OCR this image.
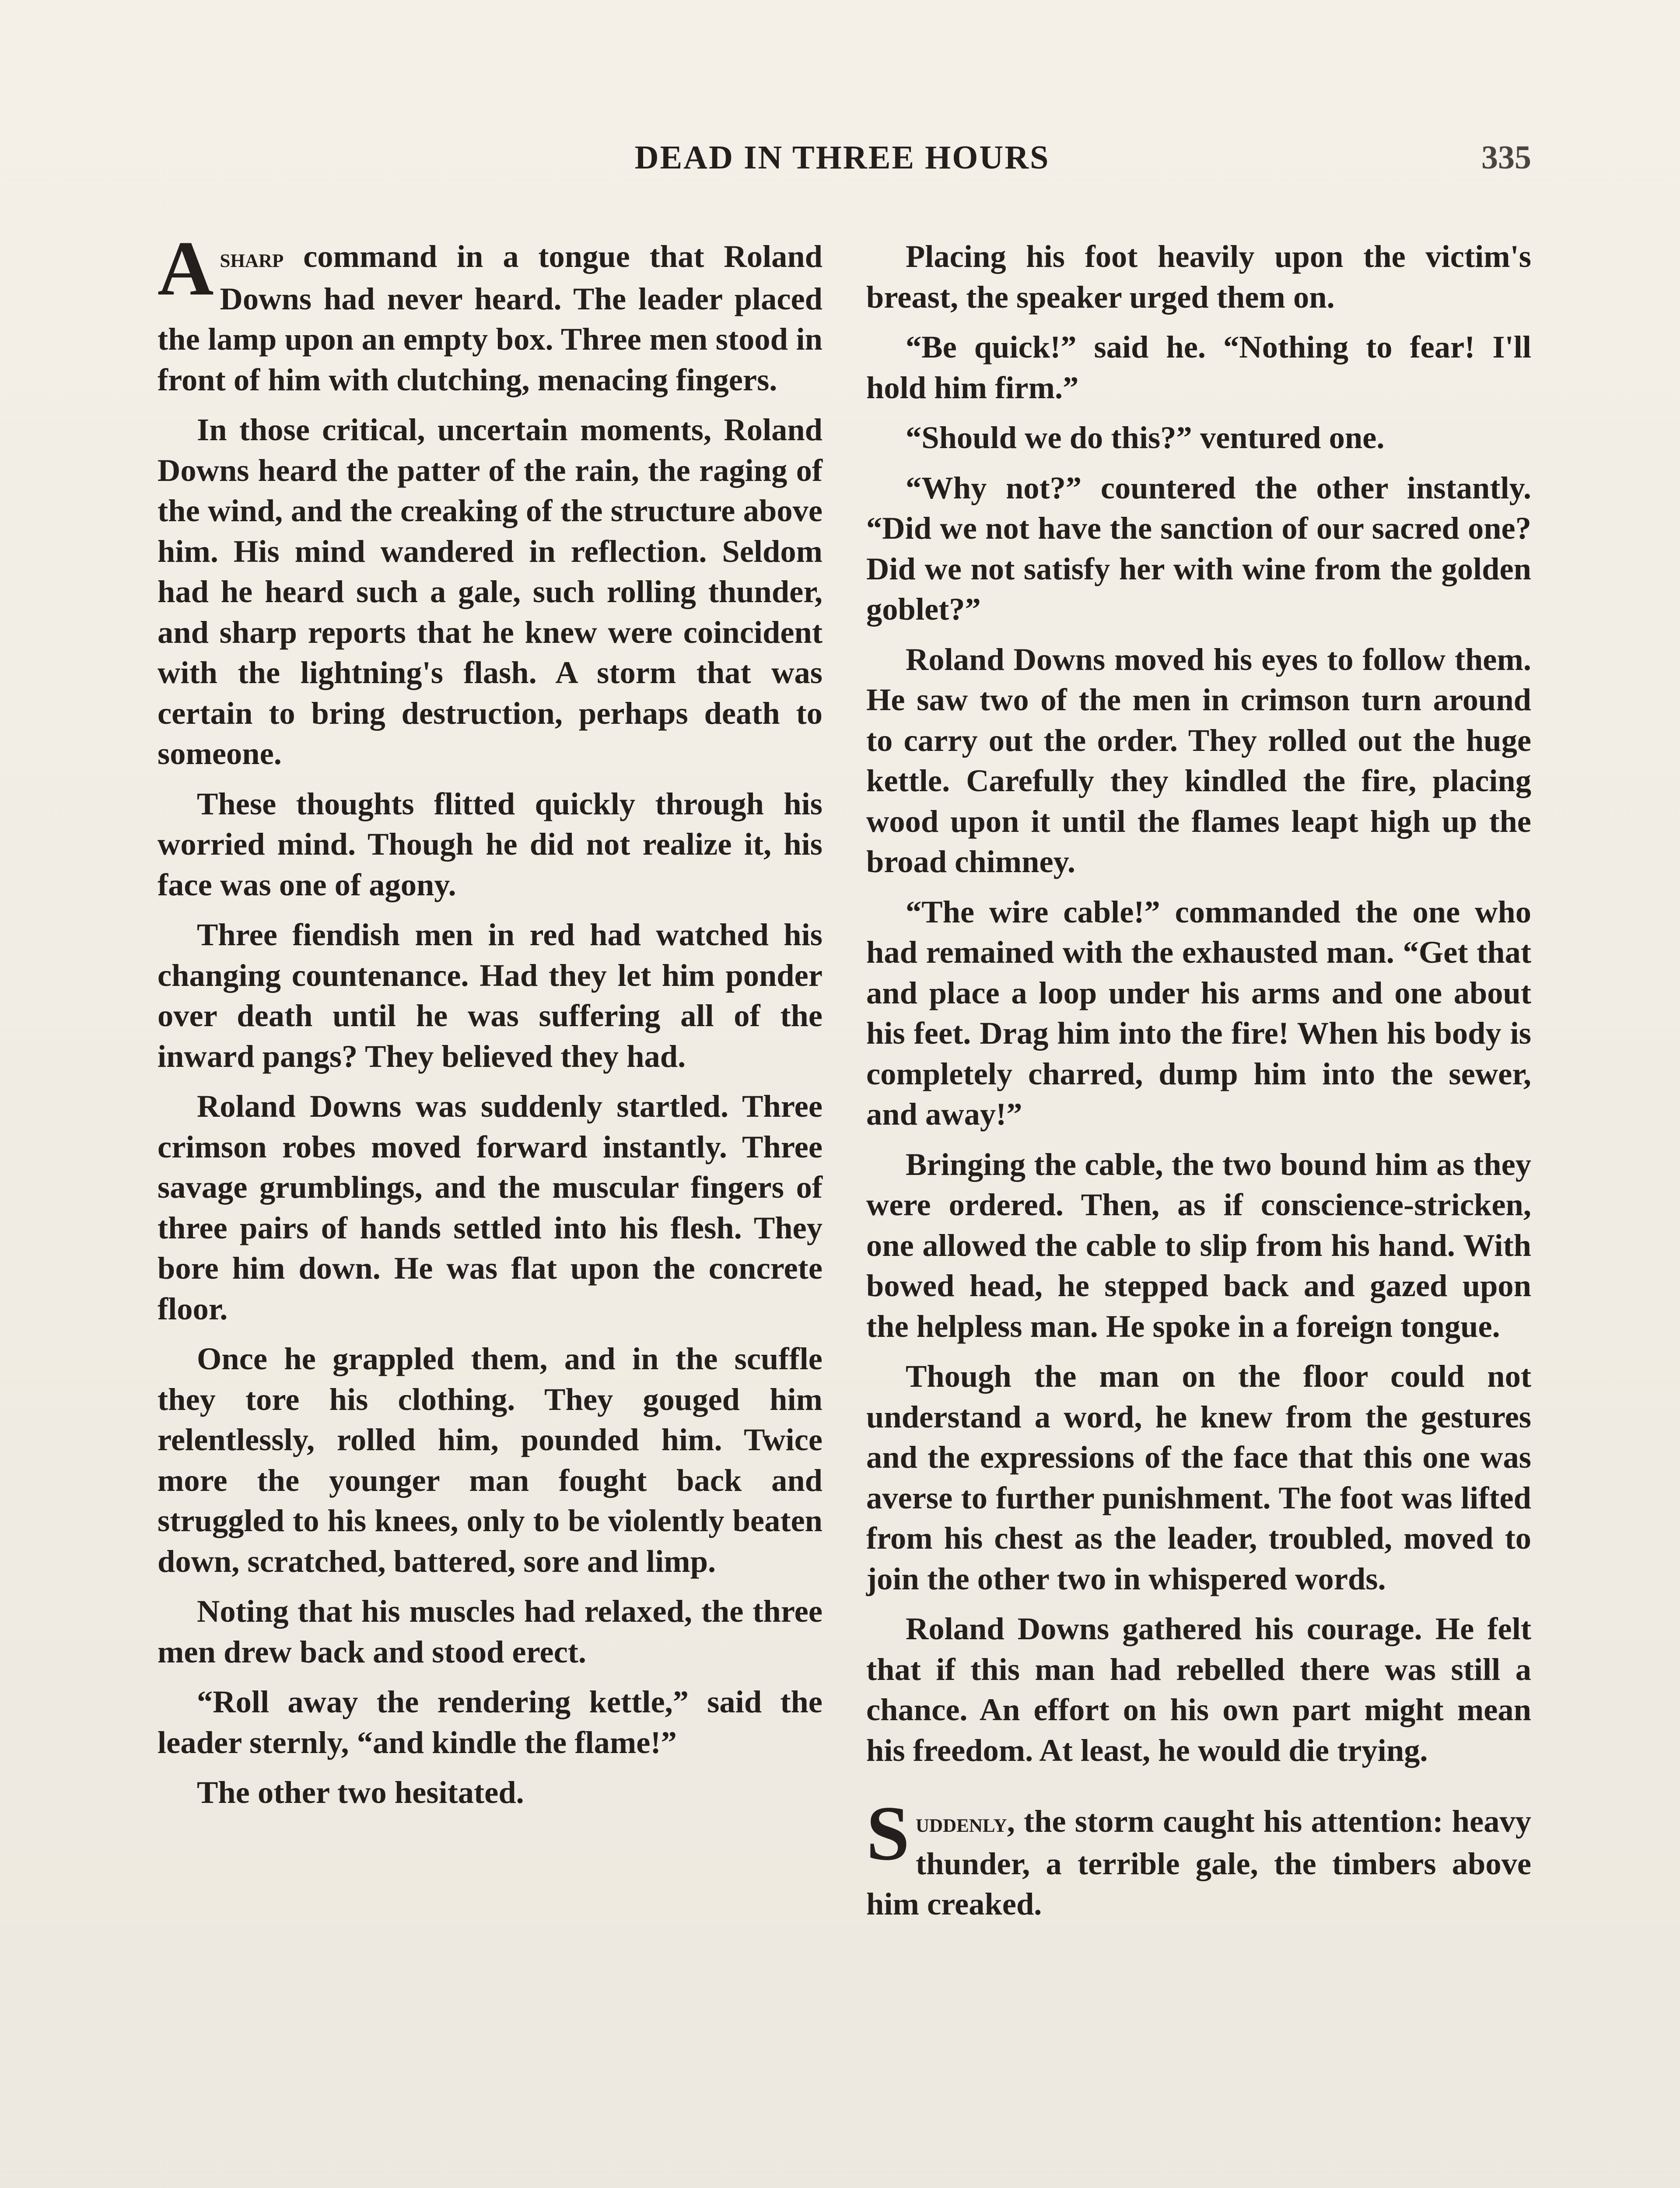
DEAD IN THREE HOURS	335

Asharp command in a tongue that Roland Downs had never heard. The leader placed the lamp upon an empty box. Three men stood in front of him with clutching, menacing fingers.

In those critical, uncertain moments, Roland Downs heard the patter of the rain, the raging of the wind, and the creaking of the structure above him. His mind wandered in reflection. Seldom had he heard such a gale, such rolling thunder, and sharp reports that he knew were coincident with the lightning's flash. A storm that was certain to bring destruction, perhaps death to someone.

These thoughts flitted quickly through his worried mind. Though he did not realize it, his face was one of agony.

Three fiendish men in red had watched his changing countenance. Had they let him ponder over death until he was suffering all of the inward pangs? They believed they had.

Roland Downs was suddenly startled. Three crimson robes moved forward instantly. Three savage grumblings, and the muscular fingers of three pairs of hands settled into his flesh. They bore him down. He was flat upon the concrete floor.

Once he grappled them, and in the scuffle they tore his clothing. They gouged him relentlessly, rolled him, pounded him. Twice more the younger man fought back and struggled to his knees, only to be violently beaten down, scratched, battered, sore and limp.

Noting that his muscles had relaxed, the three men drew back and stood erect.

“Roll away the rendering kettle,” said the leader sternly, “and kindle the flame!”

The other two hesitated.

Placing his foot heavily upon the victim's breast, the speaker urged them on.

“Be quick!” said he. “Nothing to fear! I'll hold him firm.”

“Should we do this?” ventured one.

“Why not?” countered the other instantly. “Did we not have the sanction of our sacred one? Did we not satisfy her with wine from the golden goblet?”

Roland Downs moved his eyes to follow them. He saw two of the men in crimson turn around to carry out the order. They rolled out the huge kettle. Carefully they kindled the fire, placing wood upon it until the flames leapt high up the broad chimney.

“The wire cable!” commanded the one who had remained with the exhausted man. “Get that and place a loop under his arms and one about his feet. Drag him into the fire! When his body is completely charred, dump him into the sewer, and away!”

Bringing the cable, the two bound him as they were ordered. Then, as if conscience-stricken, one allowed the cable to slip from his hand. With bowed head, he stepped back and gazed upon the helpless man. He spoke in a foreign tongue.

Though the man on the floor could not understand a word, he knew from the gestures and the expressions of the face that this one was averse to further punishment. The foot was lifted from his chest as the leader, troubled, moved to join the other two in whispered words.

Roland Downs gathered his courage. He felt that if this man had rebelled there was still a chance. An effort on his own part might mean his freedom. At least, he would die trying.

Suddenly, the storm caught his attention: heavy thunder, a terrible gale, the timbers above him creaked.
